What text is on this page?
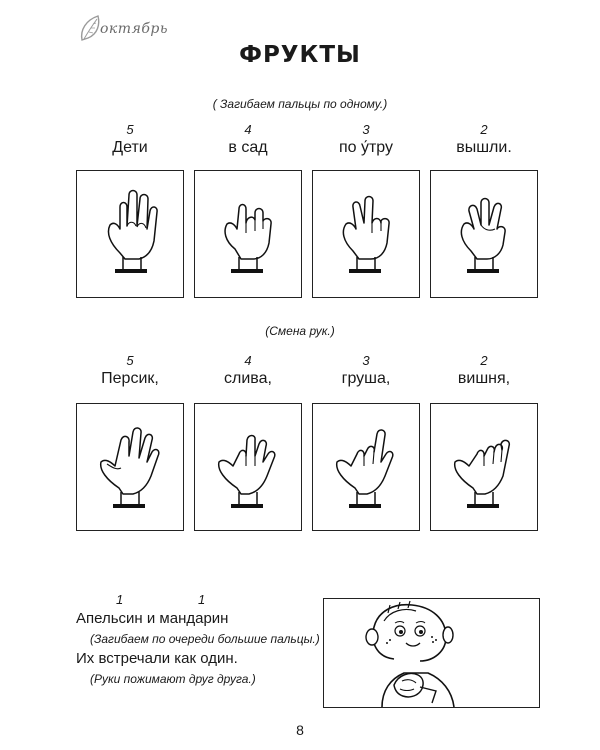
октябрь
ФРУКТЫ
( Загибаем пальцы по одному.)
5
Дети
4
в сад
3
по у́тру
2
вышли.
(Смена рук.)
5
Персик,
4
слива,
3
груша,
2
вишня,
1	1
Апельсин и мандарин
(Загибаем по очереди большие пальцы.)
Их встречали как один.
(Руки пожимают друг друга.)
8
